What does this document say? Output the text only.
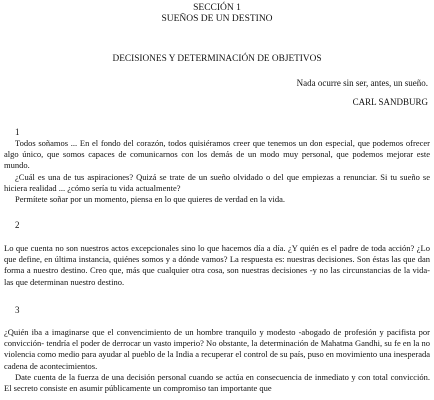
SECCIÓN 1
SUEÑOS DE UN DESTINO
DECISIONES Y DETERMINACIÓN DE OBJETIVOS
Nada ocurre sin ser, antes, un sueño.
CARL SANDBURG
1

Todos soñamos ... En el fondo del corazón, todos quisiéramos creer que tenemos un don especial, que podemos ofrecer algo único, que somos capaces de comunicarnos con los demás de un modo muy personal, que podemos mejorar este mundo.

¿Cuál es una de tus aspiraciones? Quizá se trate de un sueño olvidado o del que empiezas a renunciar. Si tu sueño se hiciera realidad ... ¿cómo sería tu vida actualmente?

Permítete soñar por un momento, piensa en lo que quieres de verdad en la vida.

2

Lo que cuenta no son nuestros actos excepcionales sino lo que hacemos día a día. ¿Y quién es el padre de toda acción? ¿Lo que define, en última instancia, quiénes somos y a dónde vamos? La respuesta es: nuestras decisiones. Son éstas las que dan forma a nuestro destino. Creo que, más que cualquier otra cosa, son nuestras decisiones -y no las circunstancias de la vida- las que determinan nuestro destino.

3

¿Quién iba a imaginarse que el convencimiento de un hombre tranquilo y modesto -abogado de profesión y pacifista por convicción- tendría el poder de derrocar un vasto imperio? No obstante, la determinación de Mahatma Gandhi, su fe en la no violencia como medio para ayudar al pueblo de la India a recuperar el control de su país, puso en movimiento una inesperada cadena de acontecimientos.

Date cuenta de la fuerza de una decisión personal cuando se actúa en consecuencia de inmediato y con total convicción. El secreto consiste en asumir públicamente un compromiso tan importante que
